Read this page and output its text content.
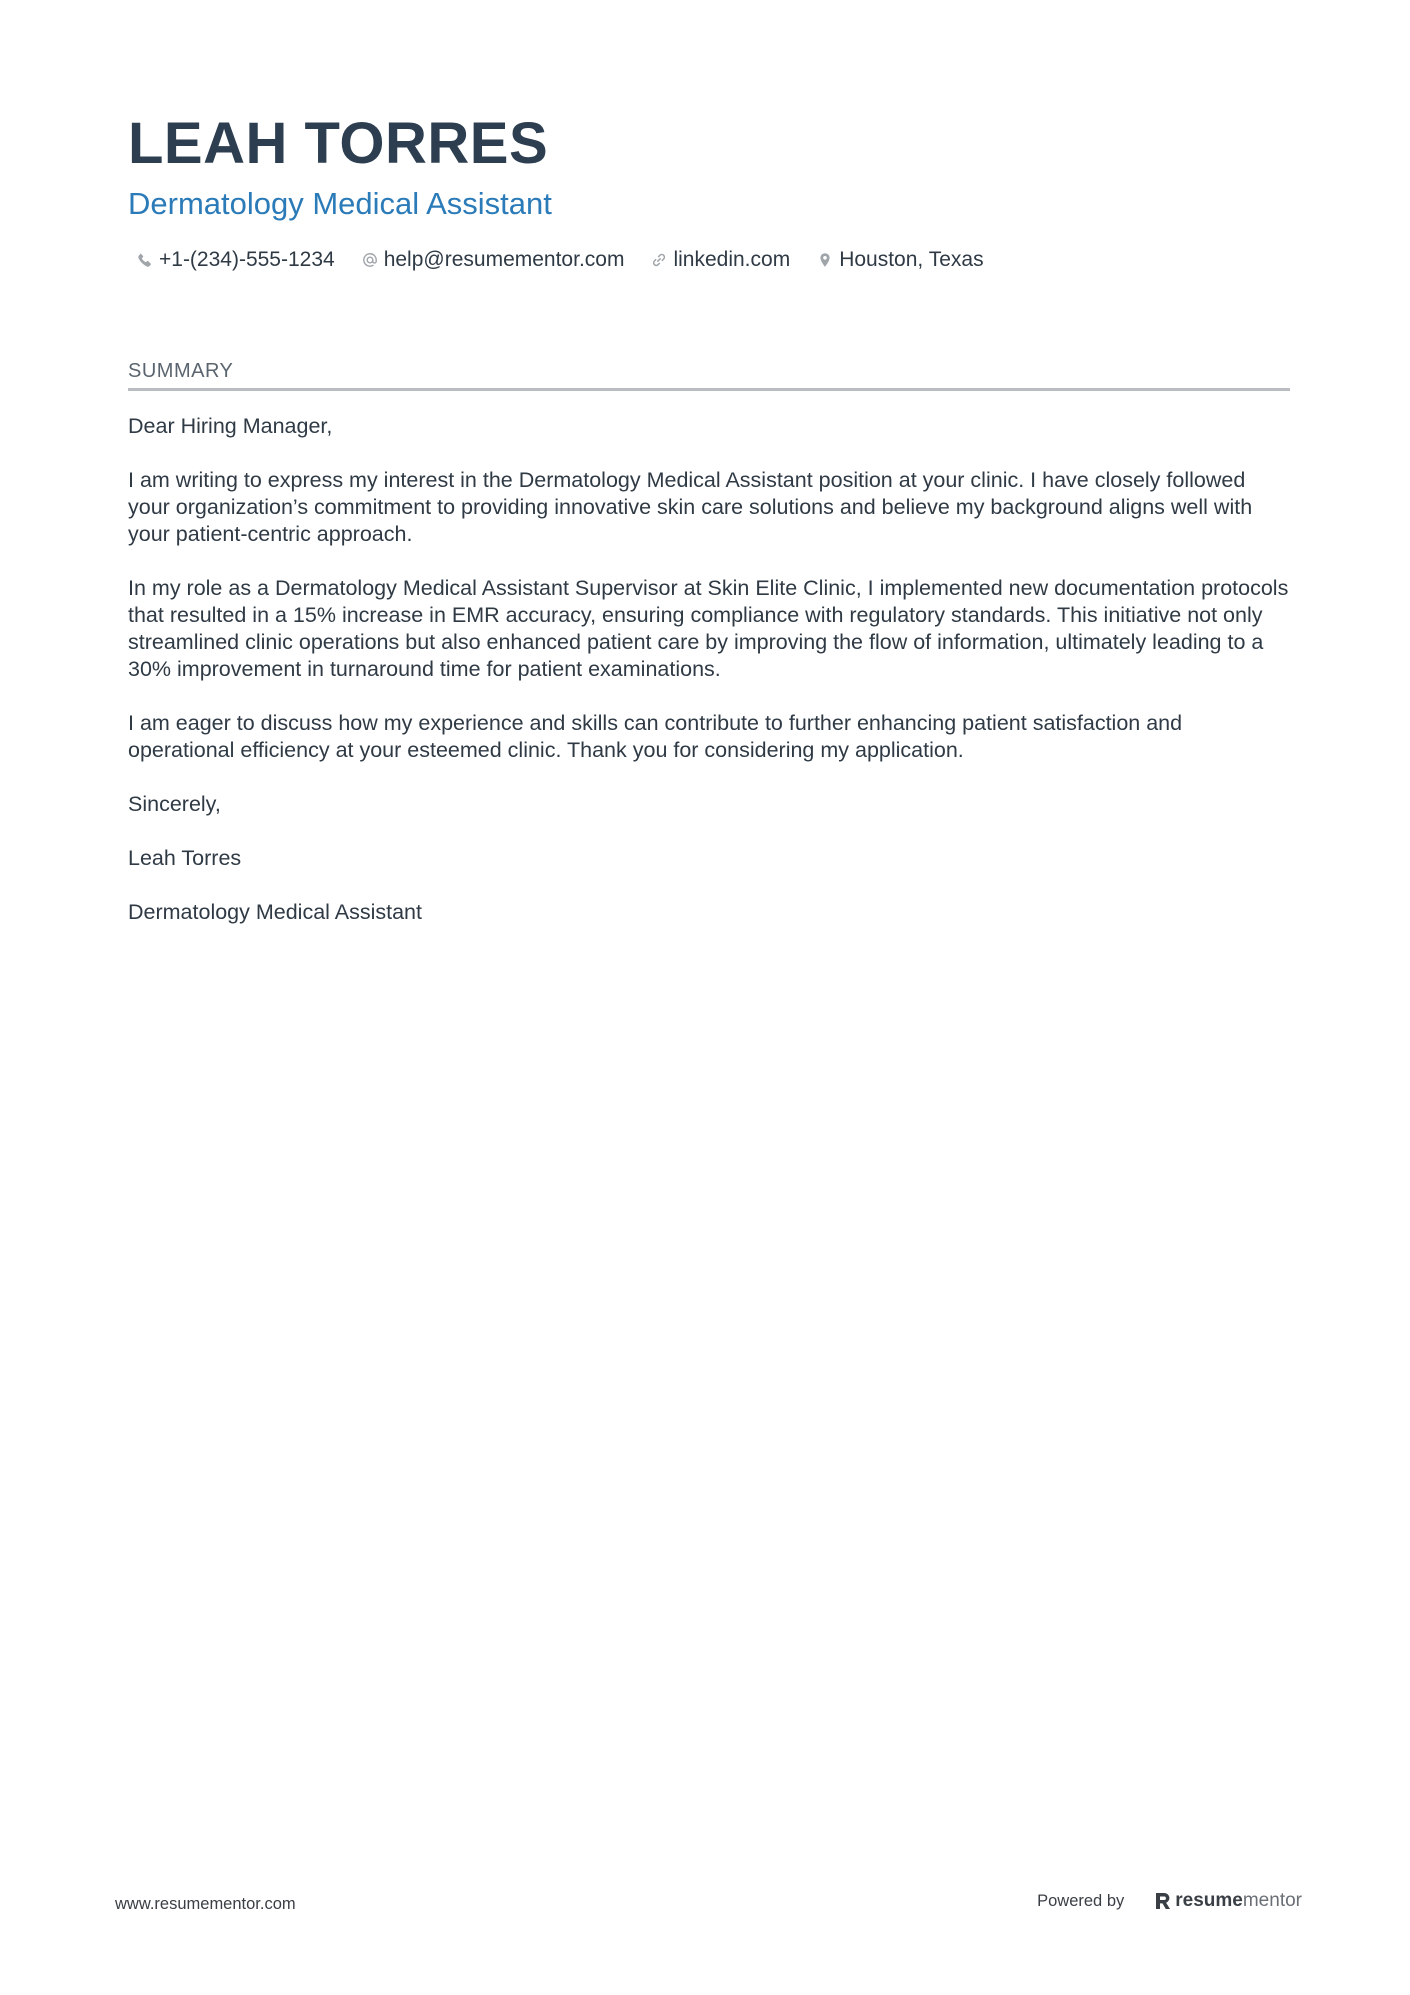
LEAH TORRES
Dermatology Medical Assistant
+1-(234)-555-1234 help@resumementor.com linkedin.com Houston, Texas
SUMMARY

Dear Hiring Manager,

I am writing to express my interest in the Dermatology Medical Assistant position at your clinic. I have closely followed your organization’s commitment to providing innovative skin care solutions and believe my background aligns well with your patient-centric approach.

In my role as a Dermatology Medical Assistant Supervisor at Skin Elite Clinic, I implemented new documentation protocols that resulted in a 15% increase in EMR accuracy, ensuring compliance with regulatory standards. This initiative not only streamlined clinic operations but also enhanced patient care by improving the flow of information, ultimately leading to a 30% improvement in turnaround time for patient examinations.

I am eager to discuss how my experience and skills can contribute to further enhancing patient satisfaction and operational efficiency at your esteemed clinic. Thank you for considering my application.

Sincerely,

Leah Torres

Dermatology Medical Assistant

www.resumementor.com	Powered by	resume mentor
